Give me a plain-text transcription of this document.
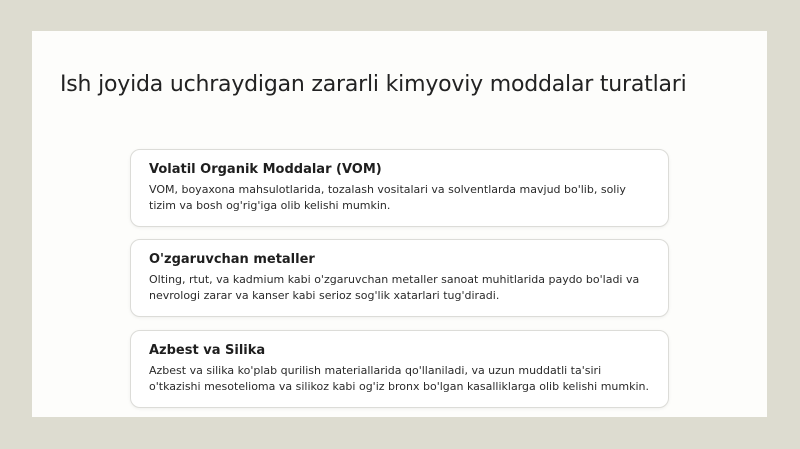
Ish joyida uchraydigan zararli kimyoviy moddalar turatlari

Volatil Organik Moddalar (VOM)

VOM, boyaxona mahsulotlarida, tozalash vositalari va solventlarda mavjud bo'lib, soliy tizim va bosh og'rig'iga olib kelishi mumkin.

O'zgaruvchan metaller

Olting, rtut, va kadmium kabi o'zgaruvchan metaller sanoat muhitlarida paydo bo'ladi va nevrologi zarar va kanser kabi serioz sog'lik xatarlari tug'diradi.

Azbest va Silika

Azbest va silika ko'plab qurilish materiallarida qo'llaniladi, va uzun muddatli ta'siri o'tkazishi mesotelioma va silikoz kabi og'iz bronx bo'lgan kasalliklarga olib kelishi mumkin.
